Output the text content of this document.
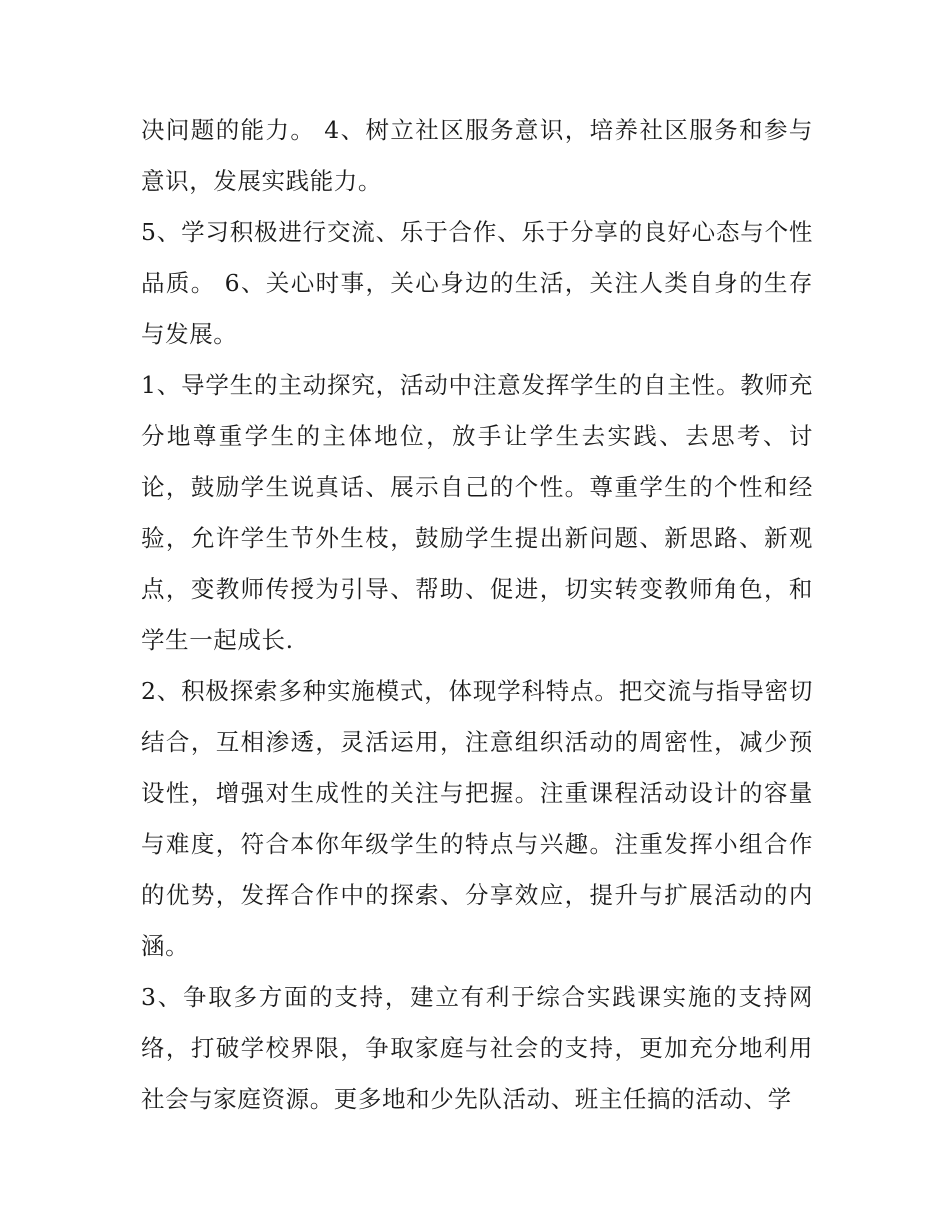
决问题的能力。 4、树立社区服务意识，培养社区服务和参与意识，发展实践能力。

5、学习积极进行交流、乐于合作、乐于分享的良好心态与个性品质。 6、关心时事，关心身边的生活，关注人类自身的生存与发展。

1、导学生的主动探究，活动中注意发挥学生的自主性。教师充分地尊重学生的主体地位，放手让学生去实践、去思考、讨论，鼓励学生说真话、展示自己的个性。尊重学生的个性和经验，允许学生节外生枝，鼓励学生提出新问题、新思路、新观点，变教师传授为引导、帮助、促进，切实转变教师角色，和学生一起成长.

2、积极探索多种实施模式，体现学科特点。把交流与指导密切结合，互相渗透，灵活运用，注意组织活动的周密性，减少预设性，增强对生成性的关注与把握。注重课程活动设计的容量与难度，符合本你年级学生的特点与兴趣。注重发挥小组合作的优势，发挥合作中的探索、分享效应，提升与扩展活动的内涵。

3、争取多方面的支持，建立有利于综合实践课实施的支持网络，打破学校界限，争取家庭与社会的支持，更加充分地利用社会与家庭资源。更多地和少先队活动、班主任搞的活动、学
